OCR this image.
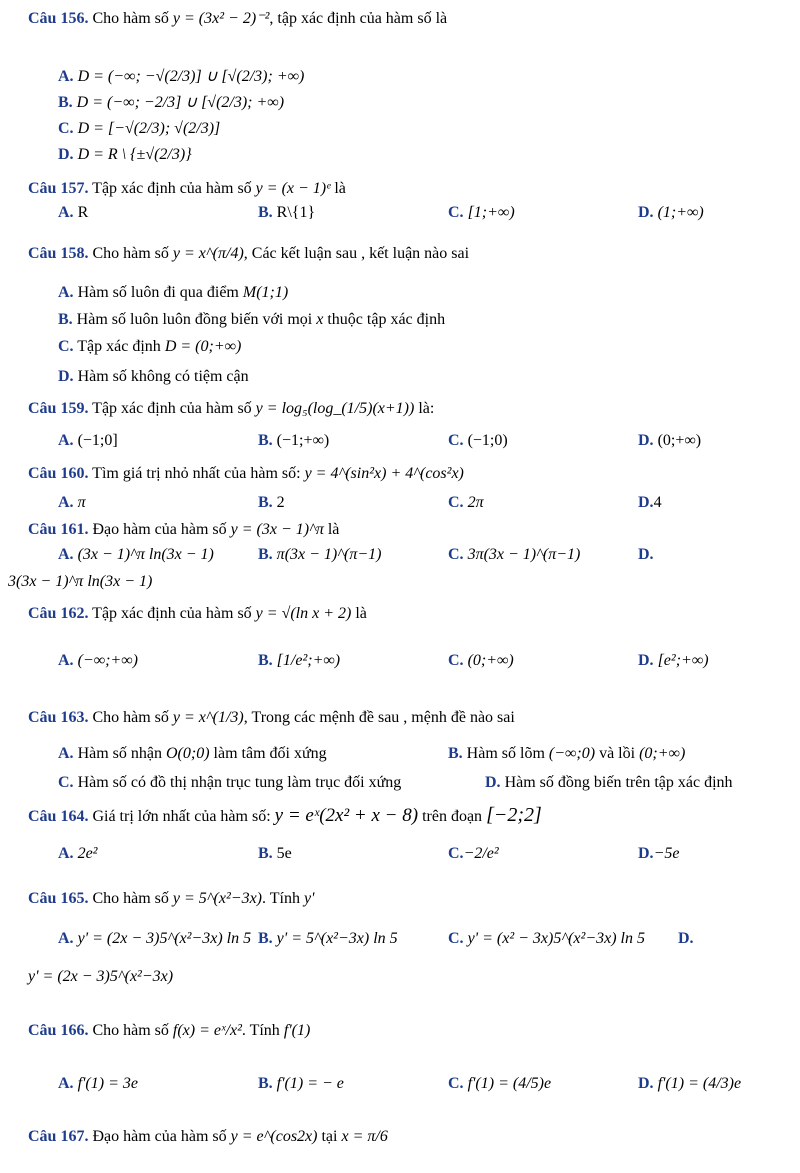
Câu 156. Cho hàm số y = (3x² − 2)⁻², tập xác định của hàm số là
A. D = (−∞; −√(2/3)] ∪ [√(2/3); +∞)
B. D = (−∞; −2/3] ∪ [√(2/3); +∞)
C. D = [−√(2/3); √(2/3)]
D. D = R \ {±√(2/3)}
Câu 157. Tập xác định của hàm số y = (x − 1)ᵉ là
A. R	B. R\{1}	C. [1;+∞)	D. (1;+∞)
Câu 158. Cho hàm số y = x^(π/4), Các kết luận sau , kết luận nào sai
A. Hàm số luôn đi qua điểm M(1;1)
B. Hàm số luôn luôn đồng biến với mọi x thuộc tập xác định
C. Tập xác định D = (0;+∞)
D. Hàm số không có tiệm cận
Câu 159. Tập xác định của hàm số y = log₅(log_(1/5)(x+1)) là:
A. (−1;0]	B. (−1;+∞)	C. (−1;0)	D. (0;+∞)
Câu 160. Tìm giá trị nhỏ nhất của hàm số: y = 4^(sin²x) + 4^(cos²x)
A. π	B. 2	C. 2π	D.4
Câu 161. Đạo hàm của hàm số y = (3x − 1)^π là
A. (3x − 1)^π ln(3x − 1)	B. π(3x − 1)^(π−1)	C. 3π(3x − 1)^(π−1)	D.
3(3x − 1)^π ln(3x − 1)
Câu 162. Tập xác định của hàm số y = √(ln x + 2) là
A. (−∞;+∞)	B. [1/e²;+∞)	C. (0;+∞)	D. [e²;+∞)
Câu 163. Cho hàm số y = x^(1/3), Trong các mệnh đề sau , mệnh đề nào sai
A. Hàm số nhận O(0;0) làm tâm đối xứng	B. Hàm số lõm (−∞;0) và lồi (0;+∞)
C. Hàm số có đồ thị nhận trục tung làm trục đối xứng	D. Hàm số đồng biến trên tập xác định
Câu 164. Giá trị lớn nhất của hàm số: y = eˣ(2x² + x − 8) trên đoạn [−2;2]
A. 2e²	B. 5e	C.−2/e²	D.−5e
Câu 165. Cho hàm số y = 5^(x²−3x). Tính y'
A. y' = (2x − 3)5^(x²−3x) ln 5 B. y' = 5^(x²−3x) ln 5	C. y' = (x² − 3x)5^(x²−3x) ln 5 D.
y' = (2x − 3)5^(x²−3x)
Câu 166. Cho hàm số f(x) = eˣ/x². Tính f'(1)
A. f'(1) = 3e	B. f'(1) = − e	C. f'(1) = (4/5)e	D. f'(1) = (4/3)e
Câu 167. Đạo hàm của hàm số y = e^(cos2x) tại x = π/6
